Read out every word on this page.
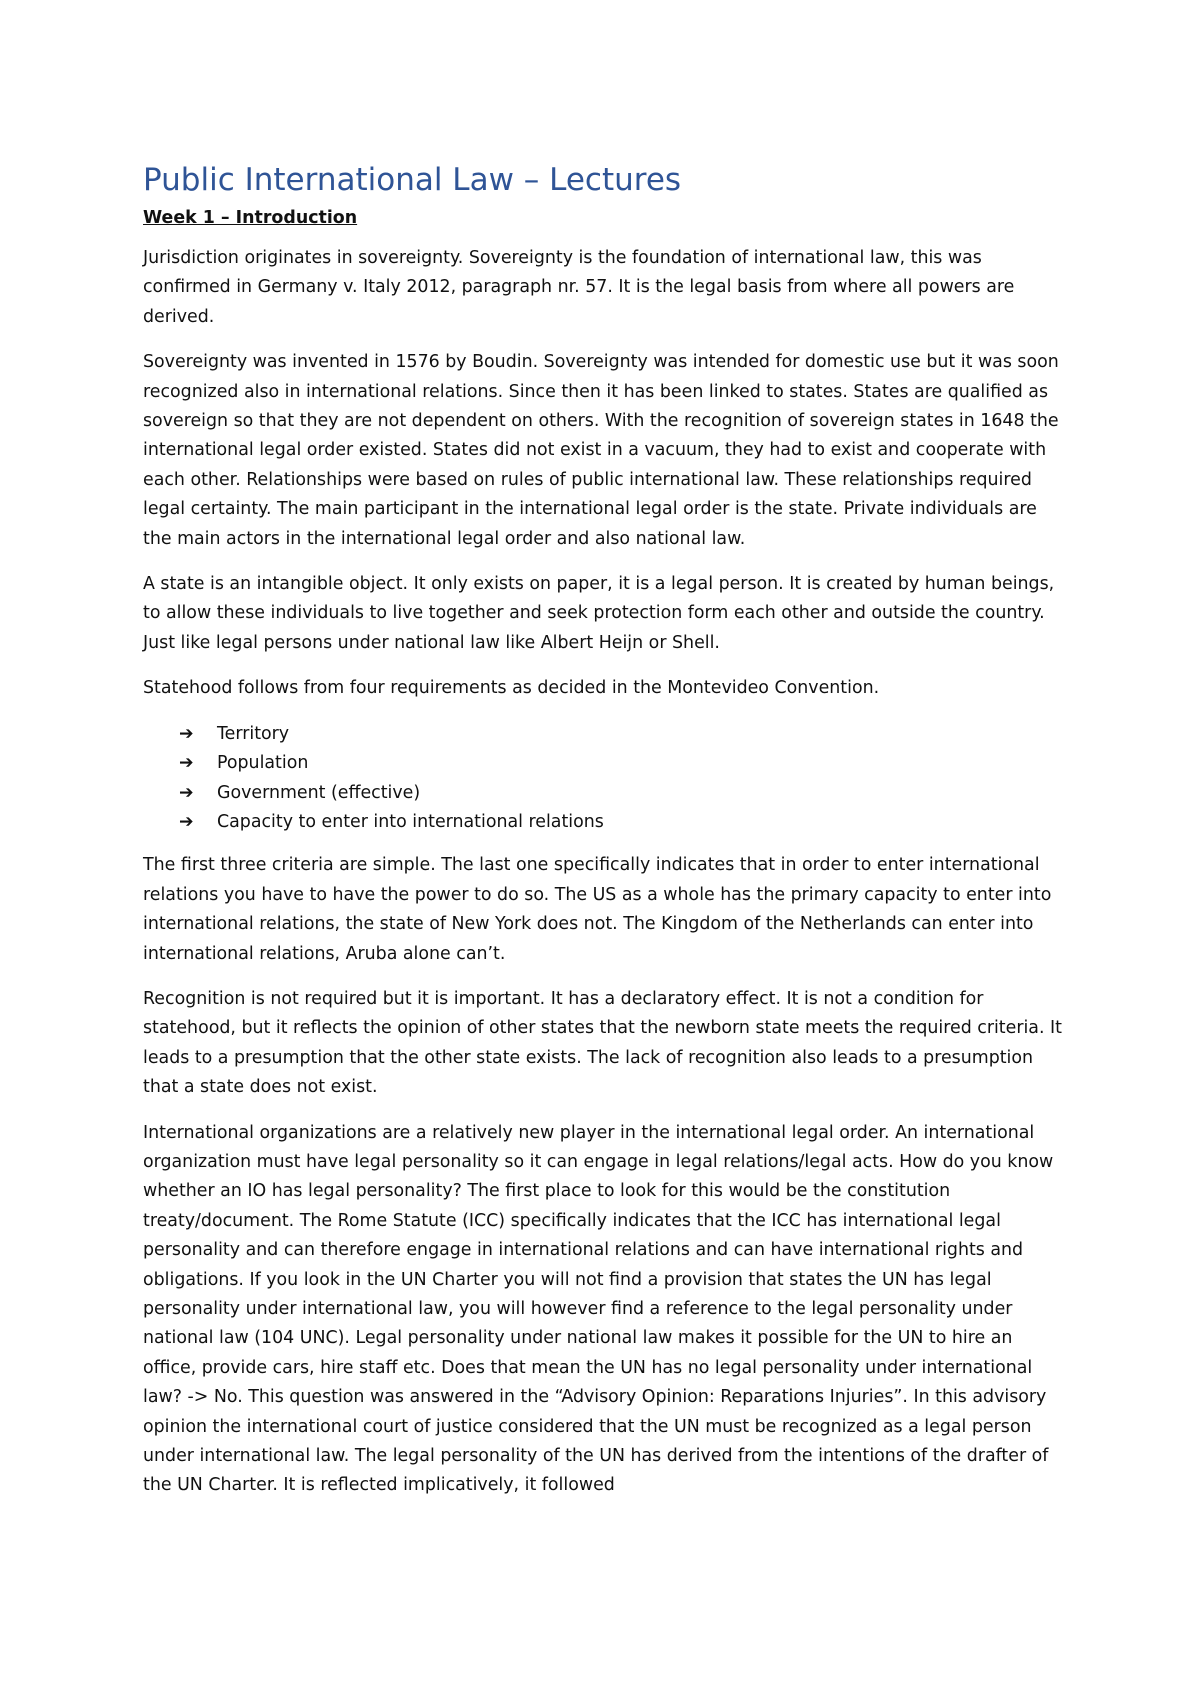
Public International Law – Lectures
Week 1 – Introduction

Jurisdiction originates in sovereignty. Sovereignty is the foundation of international law, this was confirmed in Germany v. Italy 2012, paragraph nr. 57. It is the legal basis from where all powers are derived.

Sovereignty was invented in 1576 by Boudin. Sovereignty was intended for domestic use but it was soon recognized also in international relations. Since then it has been linked to states. States are qualified as sovereign so that they are not dependent on others. With the recognition of sovereign states in 1648 the international legal order existed. States did not exist in a vacuum, they had to exist and cooperate with each other. Relationships were based on rules of public international law. These relationships required legal certainty. The main participant in the international legal order is the state. Private individuals are the main actors in the international legal order and also national law.

A state is an intangible object. It only exists on paper, it is a legal person. It is created by human beings, to allow these individuals to live together and seek protection form each other and outside the country. Just like legal persons under national law like Albert Heijn or Shell.

Statehood follows from four requirements as decided in the Montevideo Convention.

➔ Territory
➔ Population
➔ Government (effective)
➔ Capacity to enter into international relations

The first three criteria are simple. The last one specifically indicates that in order to enter international relations you have to have the power to do so. The US as a whole has the primary capacity to enter into international relations, the state of New York does not. The Kingdom of the Netherlands can enter into international relations, Aruba alone can’t.

Recognition is not required but it is important. It has a declaratory effect. It is not a condition for statehood, but it reflects the opinion of other states that the newborn state meets the required criteria. It leads to a presumption that the other state exists. The lack of recognition also leads to a presumption that a state does not exist.

International organizations are a relatively new player in the international legal order. An international organization must have legal personality so it can engage in legal relations/legal acts. How do you know whether an IO has legal personality? The first place to look for this would be the constitution treaty/document. The Rome Statute (ICC) specifically indicates that the ICC has international legal personality and can therefore engage in international relations and can have international rights and obligations. If you look in the UN Charter you will not find a provision that states the UN has legal personality under international law, you will however find a reference to the legal personality under national law (104 UNC). Legal personality under national law makes it possible for the UN to hire an office, provide cars, hire staff etc. Does that mean the UN has no legal personality under international law? -> No. This question was answered in the “Advisory Opinion: Reparations Injuries”. In this advisory opinion the international court of justice considered that the UN must be recognized as a legal person under international law. The legal personality of the UN has derived from the intentions of the drafter of the UN Charter. It is reflected implicatively, it followed
